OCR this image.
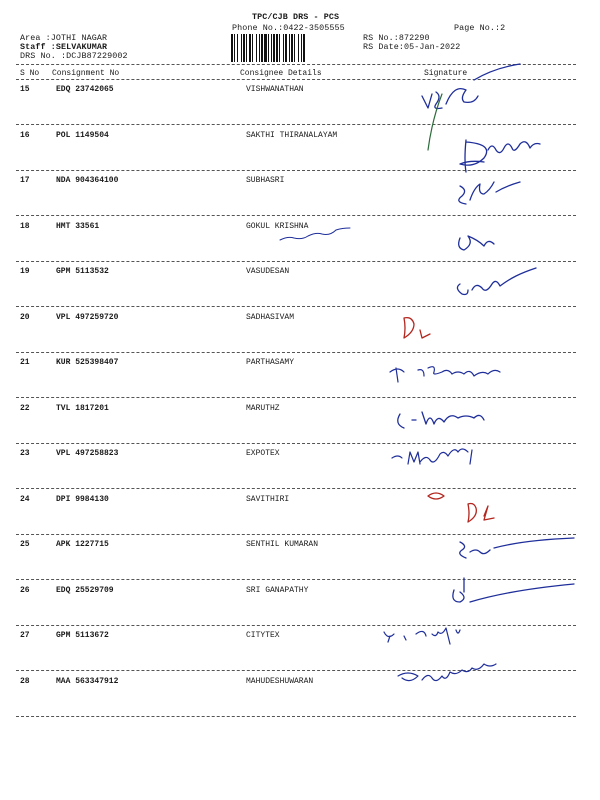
TPC/CJB DRS - PCS
Phone No.:0422-3505555	Page No.:2
Area :JOTHI NAGAR
Staff :SELVAKUMAR
DRS No. :DCJB87229002
RS No.:872290
RS Date:05-Jan-2022
S No Consignment No	Consignee Details	Signature
15	EDQ 23742065	VISHWANATHAN
16	POL 1149504	SAKTHI THIRANALAYAM
17	NDA 904364100	SUBHASRI
18	HMT 33561	GOKUL KRISHNA
19	GPM 5113532	VASUDESAN
20	VPL 497259720	SADHASIVAM
21	KUR 525398407	PARTHASAMY
22	TVL 1817201	MARUTHZ
23	VPL 497258823	EXPOTEX
24	DPI 9984130	SAVITHIRI
25	APK 1227715	SENTHIL KUMARAN
26	EDQ 25529709	SRI GANAPATHY
27	GPM 5113672	CITYTEX
28	MAA 563347912	MAHUDESHUWARAN
